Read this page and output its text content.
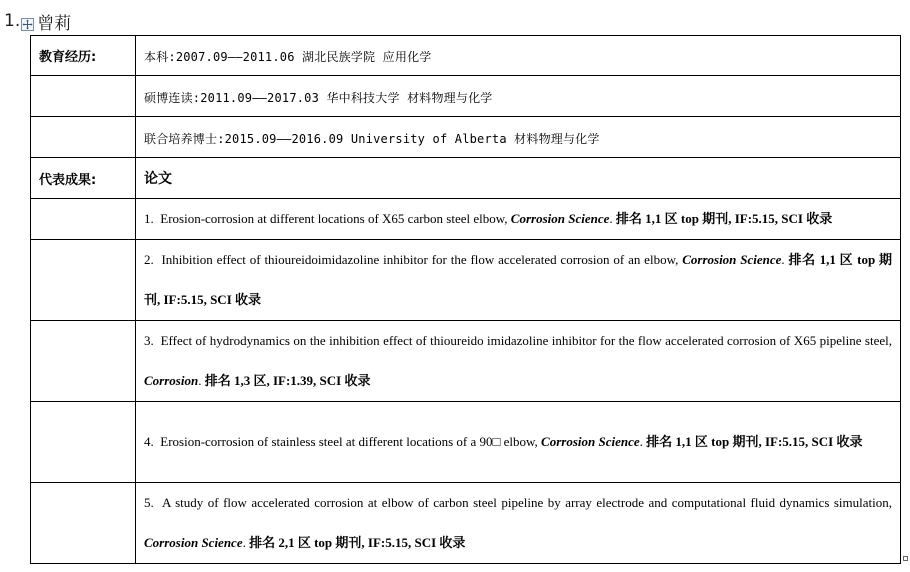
1. 曾莉
教育经历:	本科:2007.09——2011.06 湖北民族学院 应用化学
	硕博连读:2011.09——2017.03 华中科技大学 材料物理与化学
	联合培养博士:2015.09——2016.09 University of Alberta 材料物理与化学
代表成果:	论文
	1. Erosion-corrosion at different locations of X65 carbon steel elbow, Corrosion Science. 排名 1,1 区 top 期刊, IF:5.15, SCI 收录
	2. Inhibition effect of thioureidoimidazoline inhibitor for the flow accelerated corrosion of an elbow, Corrosion Science. 排名 1,1 区 top 期刊, IF:5.15, SCI 收录
	3. Effect of hydrodynamics on the inhibition effect of thioureido imidazoline inhibitor for the flow accelerated corrosion of X65 pipeline steel, Corrosion. 排名 1,3 区, IF:1.39, SCI 收录
	4. Erosion-corrosion of stainless steel at different locations of a 90□ elbow, Corrosion Science. 排名 1,1 区 top 期刊, IF:5.15, SCI 收录
	5. A study of flow accelerated corrosion at elbow of carbon steel pipeline by array electrode and computational fluid dynamics simulation, Corrosion Science. 排名 2,1 区 top 期刊, IF:5.15, SCI 收录
